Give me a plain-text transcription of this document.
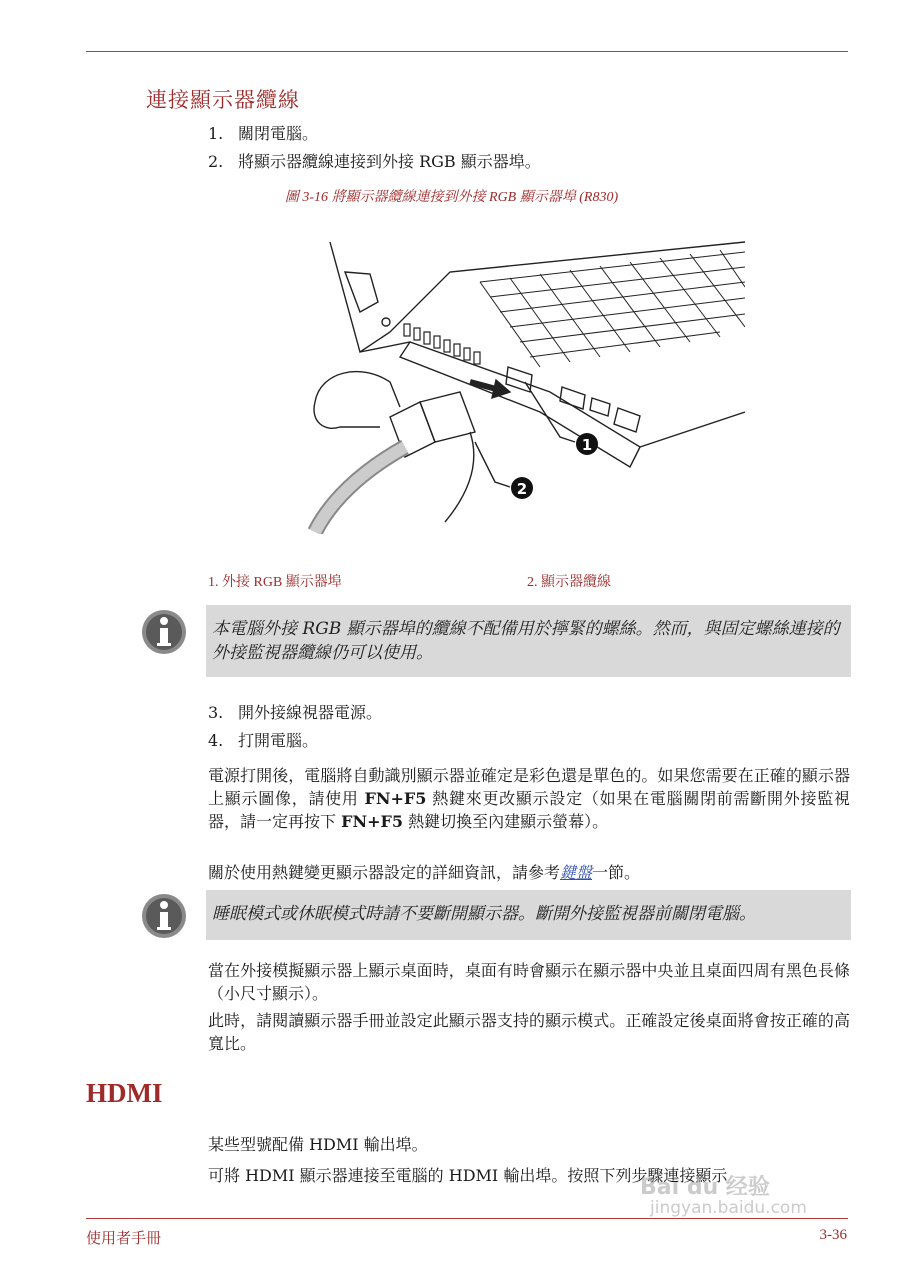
連接顯示器纜線
1. 關閉電腦。
2. 將顯示器纜線連接到外接 RGB 顯示器埠。
圖 3-16 將顯示器纜線連接到外接 RGB 顯示器埠 (R830)
1
2
1. 外接 RGB 顯示器埠	2. 顯示器纜線
本電腦外接 RGB 顯示器埠的纜線不配備用於擰緊的螺絲。然而，與固定螺絲連接的外接監視器纜線仍可以使用。
3. 開外接線視器電源。
4. 打開電腦。
電源打開後，電腦將自動識別顯示器並確定是彩色還是單色的。如果您需要在正確的顯示器上顯示圖像，請使用 FN+F5 熱鍵來更改顯示設定（如果在電腦關閉前需斷開外接監視器，請一定再按下 FN+F5 熱鍵切換至內建顯示螢幕）。
關於使用熱鍵變更顯示器設定的詳細資訊，請參考鍵盤一節。
睡眠模式或休眠模式時請不要斷開顯示器。斷開外接監視器前關閉電腦。
當在外接模擬顯示器上顯示桌面時，桌面有時會顯示在顯示器中央並且桌面四周有黑色長條（小尺寸顯示）。
此時，請閱讀顯示器手冊並設定此顯示器支持的顯示模式。正確設定後桌面將會按正確的高寬比。
HDMI
某些型號配備 HDMI 輸出埠。
可將 HDMI 顯示器連接至電腦的 HDMI 輸出埠。按照下列步驟連接顯示
Bai du 经验
jingyan.baidu.com
使用者手冊	3-36
